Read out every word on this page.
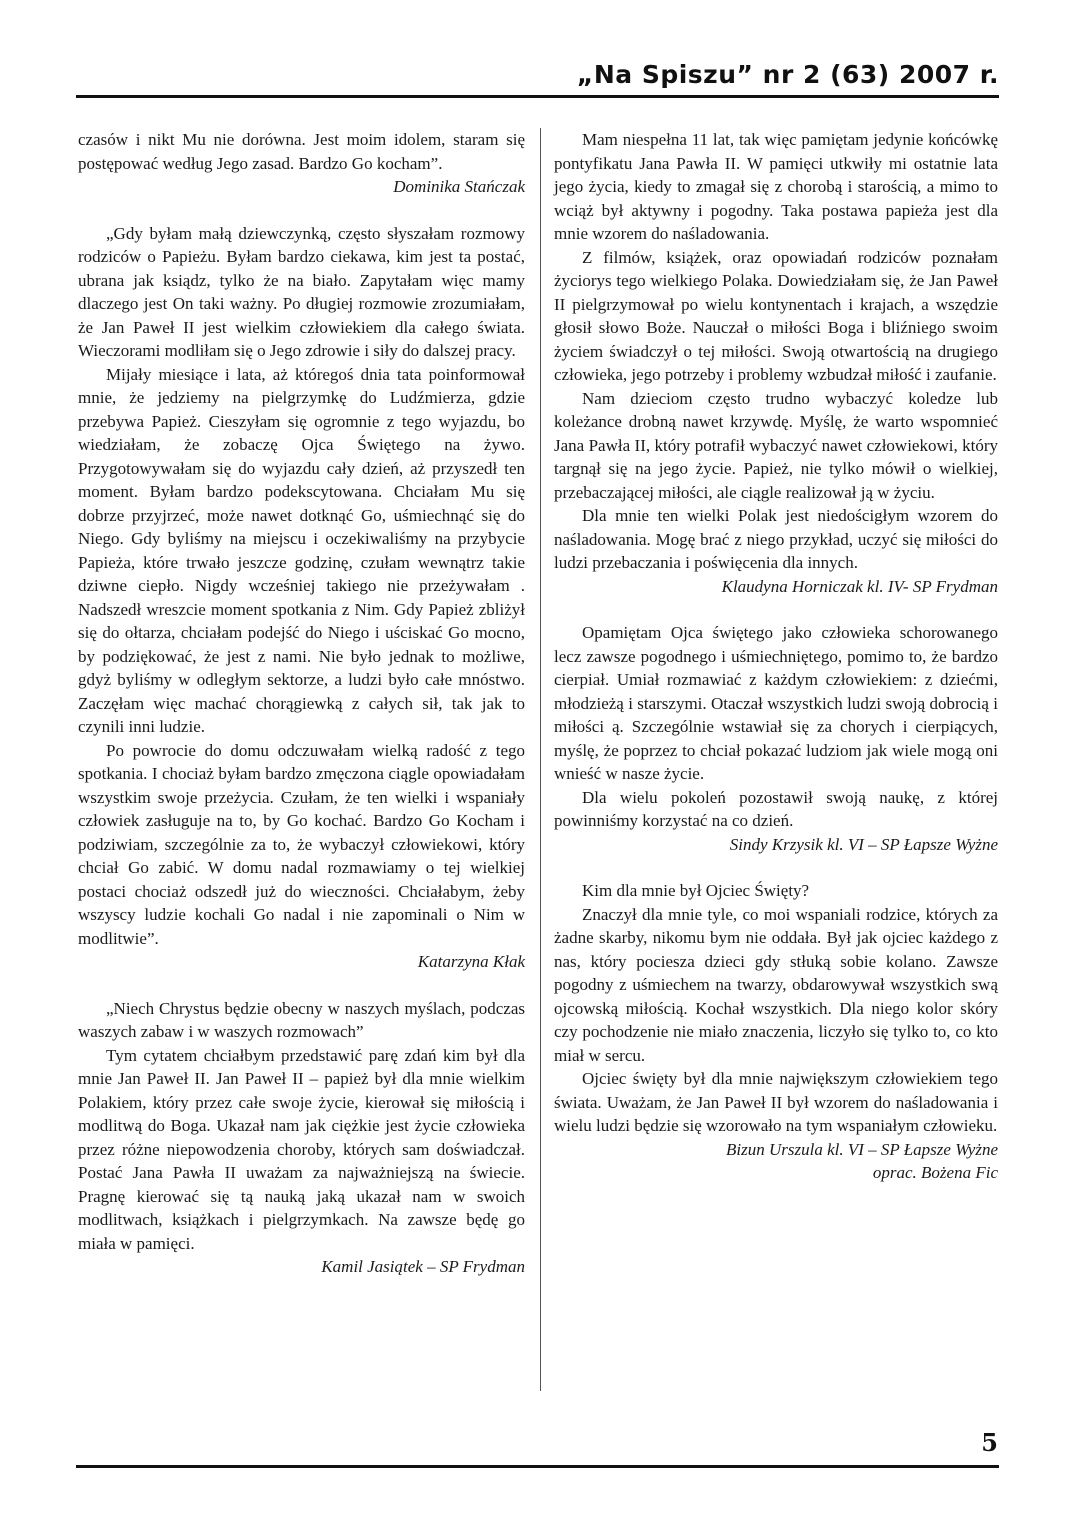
„Na Spiszu” nr 2 (63) 2007 r.

czasów i nikt Mu nie dorówna. Jest moim idolem, staram się postępować według Jego zasad. Bardzo Go kocham”.

Dominika Stańczak

„Gdy byłam małą dziewczynką, często słyszałam rozmowy rodziców o Papieżu. Byłam bardzo ciekawa, kim jest ta postać, ubrana jak ksiądz, tylko że na biało. Zapytałam więc mamy dlaczego jest On taki ważny. Po długiej rozmowie zrozumiałam, że Jan Paweł II jest wielkim człowiekiem dla całego świata. Wieczorami modliłam się o Jego zdrowie i siły do dalszej pracy.

Mijały miesiące i lata, aż któregoś dnia tata poinformował mnie, że jedziemy na pielgrzymkę do Ludźmierza, gdzie przebywa Papież. Cieszyłam się ogromnie z tego wyjazdu, bo wiedziałam, że zobaczę Ojca Świętego na żywo. Przygotowywałam się do wyjazdu cały dzień, aż przyszedł ten moment. Byłam bardzo podekscytowana. Chciałam Mu się dobrze przyjrzeć, może nawet dotknąć Go, uśmiechnąć się do Niego. Gdy byliśmy na miejscu i oczekiwaliśmy na przybycie Papieża, które trwało jeszcze godzinę, czułam wewnątrz takie dziwne ciepło. Nigdy wcześniej takiego nie przeżywałam . Nadszedł wreszcie moment spotkania z Nim. Gdy Papież zbliżył się do ołtarza, chciałam podejść do Niego i uściskać Go mocno, by podziękować, że jest z nami. Nie było jednak to możliwe, gdyż byliśmy w odległym sektorze, a ludzi było całe mnóstwo. Zaczęłam więc machać chorągiewką z całych sił, tak jak to czynili inni ludzie.

Po powrocie do domu odczuwałam wielką radość z tego spotkania. I chociaż byłam bardzo zmęczona ciągle opowiadałam wszystkim swoje przeżycia. Czułam, że ten wielki i wspaniały człowiek zasługuje na to, by Go kochać. Bardzo Go Kocham i podziwiam, szczególnie za to, że wybaczył człowiekowi, który chciał Go zabić. W domu nadal rozmawiamy o tej wielkiej postaci chociaż odszedł już do wieczności. Chciałabym, żeby wszyscy ludzie kochali Go nadal i nie zapominali o Nim w modlitwie”.

Katarzyna Kłak

„Niech Chrystus będzie obecny w naszych myślach, podczas waszych zabaw i w waszych rozmowach”

Tym cytatem chciałbym przedstawić parę zdań kim był dla mnie Jan Paweł II. Jan Paweł II – papież był dla mnie wielkim Polakiem, który przez całe swoje życie, kierował się miłością i modlitwą do Boga. Ukazał nam jak ciężkie jest życie człowieka przez różne niepowodzenia choroby, których sam doświadczał. Postać Jana Pawła II uważam za najważniejszą na świecie. Pragnę kierować się tą nauką jaką ukazał nam w swoich modlitwach, książkach i pielgrzymkach. Na zawsze będę go miała w pamięci.

Kamil Jasiątek – SP Frydman

Mam niespełna 11 lat, tak więc pamiętam jedynie końcówkę pontyfikatu Jana Pawła II. W pamięci utkwiły mi ostatnie lata jego życia, kiedy to zmagał się z chorobą i starością, a mimo to wciąż był aktywny i pogodny. Taka postawa papieża jest dla mnie wzorem do naśladowania.

Z filmów, książek, oraz opowiadań rodziców poznałam życiorys tego wielkiego Polaka. Dowiedziałam się, że Jan Paweł II pielgrzymował po wielu kontynentach i krajach, a wszędzie głosił słowo Boże. Nauczał o miłości Boga i bliźniego swoim życiem świadczył o tej miłości. Swoją otwartością na drugiego człowieka, jego potrzeby i problemy wzbudzał miłość i zaufanie.

Nam dzieciom często trudno wybaczyć koledze lub koleżance drobną nawet krzywdę. Myślę, że warto wspomnieć Jana Pawła II, który potrafił wybaczyć nawet człowiekowi, który targnął się na jego życie. Papież, nie tylko mówił o wielkiej, przebaczającej miłości, ale ciągle realizował ją w życiu.

Dla mnie ten wielki Polak jest niedościgłym wzorem do naśladowania. Mogę brać z niego przykład, uczyć się miłości do ludzi przebaczania i poświęcenia dla innych.

Klaudyna Horniczak kl. IV- SP Frydman

Opamiętam Ojca świętego jako człowieka schorowanego lecz zawsze pogodnego i uśmiechniętego, pomimo to, że bardzo cierpiał. Umiał rozmawiać z każdym człowiekiem: z dziećmi, młodzieżą i starszymi. Otaczał wszystkich ludzi swoją dobrocią i miłości ą. Szczególnie wstawiał się za chorych i cierpiących, myślę, że poprzez to chciał pokazać ludziom jak wiele mogą oni wnieść w nasze życie.

Dla wielu pokoleń pozostawił swoją naukę, z której powinniśmy korzystać na co dzień.

Sindy Krzysik kl. VI – SP Łapsze Wyżne

Kim dla mnie był Ojciec Święty?

Znaczył dla mnie tyle, co moi wspaniali rodzice, których za żadne skarby, nikomu bym nie oddała. Był jak ojciec każdego z nas, który pociesza dzieci gdy stłuką sobie kolano. Zawsze pogodny z uśmiechem na twarzy, obdarowywał wszystkich swą ojcowską miłością. Kochał wszystkich. Dla niego kolor skóry czy pochodzenie nie miało znaczenia, liczyło się tylko to, co kto miał w sercu.

Ojciec święty był dla mnie największym człowiekiem tego świata. Uważam, że Jan Paweł II był wzorem do naśladowania i wielu ludzi będzie się wzorowało na tym wspaniałym człowieku.

Bizun Urszula kl. VI – SP Łapsze Wyżne

oprac. Bożena Fic

5
